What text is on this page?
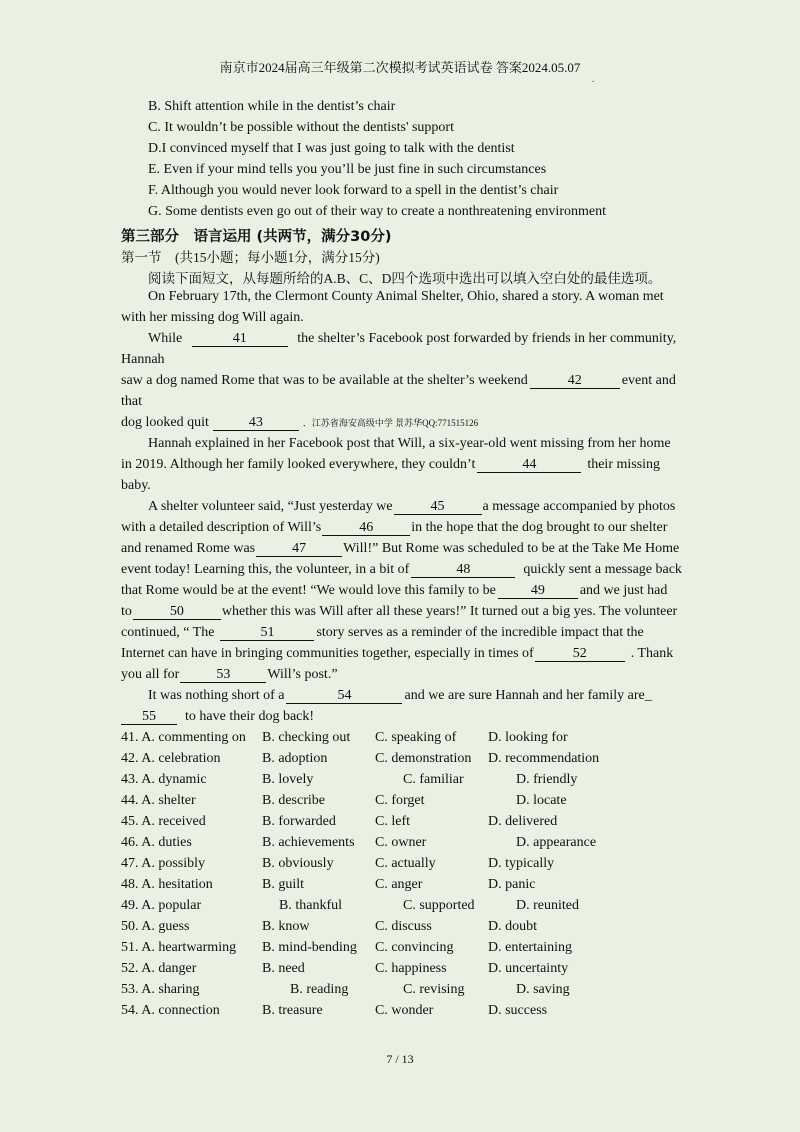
南京市2024届高三年级第二次模拟考试英语试卷 答案2024.05.07
.
B. Shift attention while in the dentist’s chair
C. It wouldn’t be possible without the dentists' support
D.I convinced myself that I was just going to talk with the dentist
E. Even if your mind tells you you’ll be just fine in such circumstances
F. Although you would never look forward to a spell in the dentist’s chair
G. Some dentists even go out of their way to create a nonthreatening environment
第三部分　语言运用 (共两节，满分30分)
第一节　(共15小题；每小题1分，满分15分)
阅读下面短文，从每题所给的A.B、C、D四个选项中选出可以填入空白处的最佳选项。
On February 17th, the Clermont County Animal Shelter, Ohio, shared a story. A woman met
with her missing dog Will again.
While	41	the shelter’s Facebook post forwarded by friends in her community,
Hannah
saw a dog named Rome that was to be available at the shelter’s weekend	42	event and
that
dog looked quit	43	．江苏省海安高级中学 景苏华QQ:771515126
Hannah explained in her Facebook post that Will, a six-year-old went missing from her home
in 2019. Although her family looked everywhere, they couldn’t	44	their missing
baby.
A shelter volunteer said, “Just yesterday we	45	a message accompanied by photos
with a detailed description of Will’s	46	in the hope that the dog brought to our shelter
and renamed Rome was	47	Will!” But Rome was scheduled to be at the Take Me Home
event today! Learning this, the volunteer, in a bit of	48	quickly sent a message back
that Rome would be at the event! “We would love this family to be	49	and we just had
to	50	whether this was Will after all these years!” It turned out a big yes. The volunteer
continued, “ The	51	story serves as a reminder of the incredible impact that the
Internet can have in bringing communities together, especially in times of	52	. Thank
you all for	53	Will’s post.”
It was nothing short of a	54	and we are sure Hannah and her family are_
55 to have their dog back!
41. A. commenting on B. checking out C. speaking of D. looking for
42. A. celebration	B. adoption	C. demonstration D. recommendation
43. A. dynamic	B. lovely	C. familiar	D. friendly
44. A. shelter	B. describe	C. forget	D. locate
45. A. received	B. forwarded	C. left	D. delivered
46. A. duties	B. achievements C. owner	D. appearance
47. A. possibly	B. obviously	C. actually	D. typically
48. A. hesitation	B. guilt	C. anger	D. panic
49. A. popular	B. thankful	C. supported	D. reunited
50. A. guess	B. know	C. discuss	D. doubt
51. A. heartwarming B. mind-bending C. convincing D. entertaining
52. A. danger	B. need	C. happiness	D. uncertainty
53. A. sharing	B. reading	C. revising	D. saving
54. A. connection	B. treasure	C. wonder	D. success
7 / 13
